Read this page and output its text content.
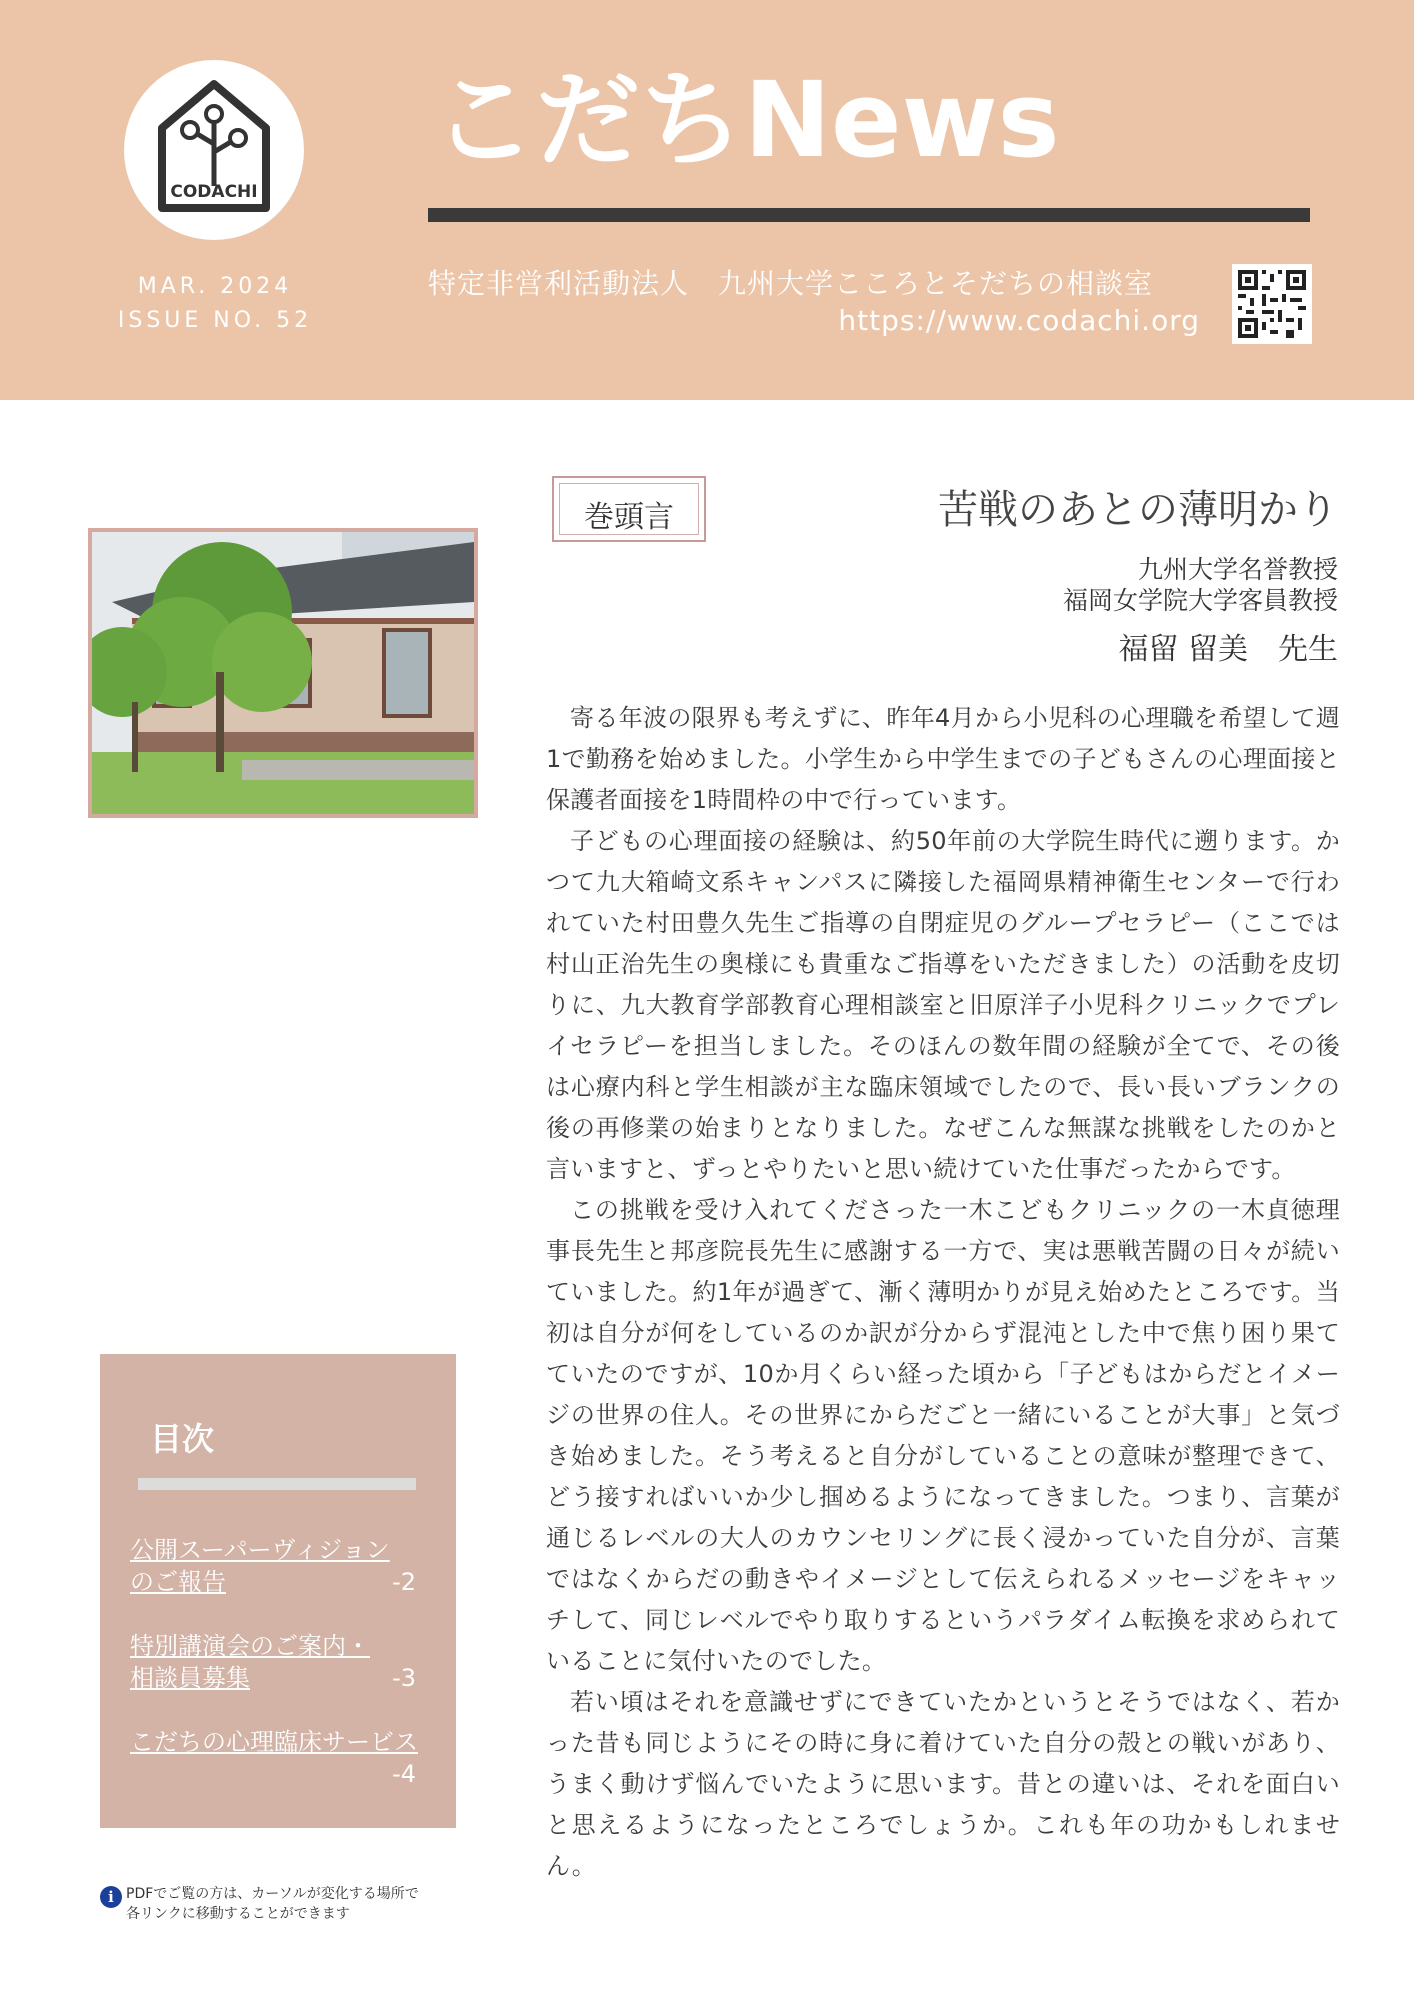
CODACHI
MAR. 2024
ISSUE NO. 52
こだちNews
特定非営利活動法人　九州大学こころとそだちの相談室
https://www.codachi.org
目次
公開スーパーヴィジョン
のご報告	-2
特別講演会のご案内・
相談員募集	-3
こだちの心理臨床サービス
-4
i PDFでご覧の方は、カーソルが変化する場所で
各リンクに移動することができます
巻頭言	苦戦のあとの薄明かり
九州大学名誉教授
福岡女学院大学客員教授
福留 留美　先生

寄る年波の限界も考えずに、昨年4月から小児科の心理職を希望して週1で勤務を始めました。小学生から中学生までの子どもさんの心理面接と保護者面接を1時間枠の中で行っています。

子どもの心理面接の経験は、約50年前の大学院生時代に遡ります。かつて九大箱崎文系キャンパスに隣接した福岡県精神衛生センターで行われていた村田豊久先生ご指導の自閉症児のグループセラピー（ここでは村山正治先生の奥様にも貴重なご指導をいただきました）の活動を皮切りに、九大教育学部教育心理相談室と旧原洋子小児科クリニックでプレイセラピーを担当しました。そのほんの数年間の経験が全てで、その後は心療内科と学生相談が主な臨床領域でしたので、長い長いブランクの後の再修業の始まりとなりました。なぜこんな無謀な挑戦をしたのかと言いますと、ずっとやりたいと思い続けていた仕事だったからです。

この挑戦を受け入れてくださった一木こどもクリニックの一木貞徳理事長先生と邦彦院長先生に感謝する一方で、実は悪戦苦闘の日々が続いていました。約1年が過ぎて、漸く薄明かりが見え始めたところです。当初は自分が何をしているのか訳が分からず混沌とした中で焦り困り果てていたのですが、10か月くらい経った頃から「子どもはからだとイメージの世界の住人。その世界にからだごと一緒にいることが大事」と気づき始めました。そう考えると自分がしていることの意味が整理できて、どう接すればいいか少し掴めるようになってきました。つまり、言葉が通じるレベルの大人のカウンセリングに長く浸かっていた自分が、言葉ではなくからだの動きやイメージとして伝えられるメッセージをキャッチして、同じレベルでやり取りするというパラダイム転換を求められていることに気付いたのでした。

若い頃はそれを意識せずにできていたかというとそうではなく、若かった昔も同じようにその時に身に着けていた自分の殻との戦いがあり、うまく動けず悩んでいたように思います。昔との違いは、それを面白いと思えるようになったところでしょうか。これも年の功かもしれません。
